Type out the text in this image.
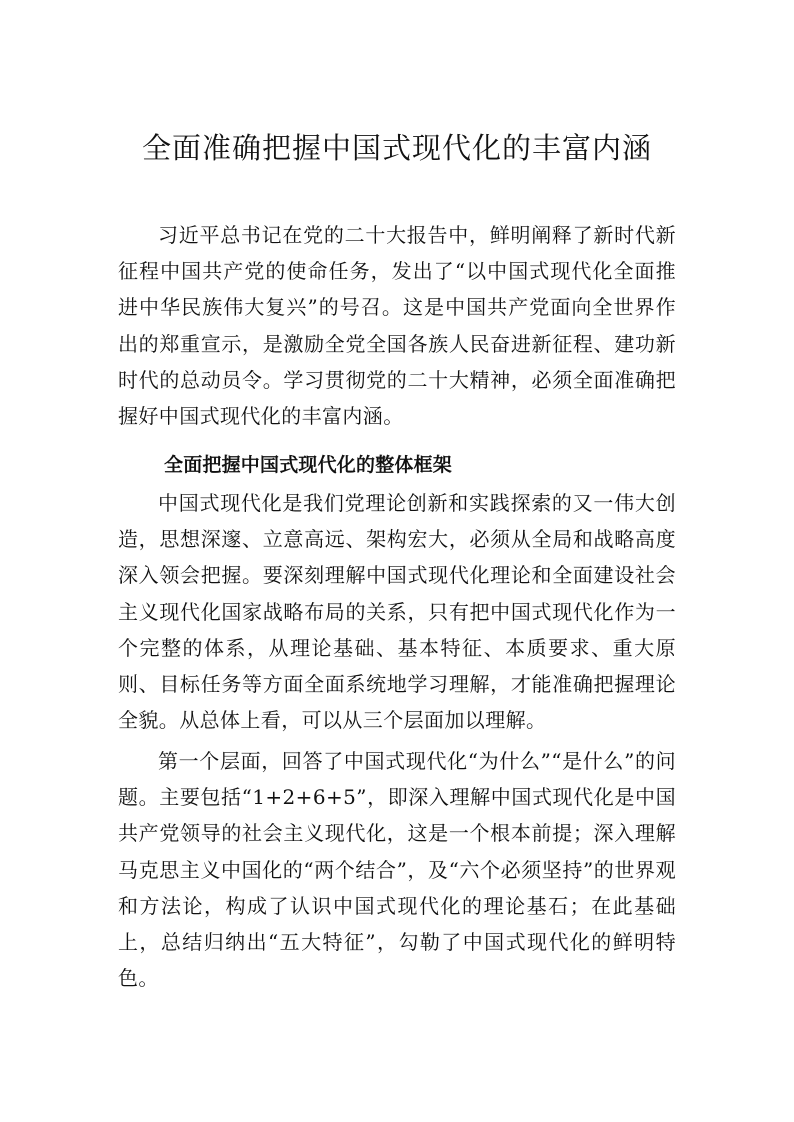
全面准确把握中国式现代化的丰富内涵

习近平总书记在党的二十大报告中，鲜明阐释了新时代新征程中国共产党的使命任务，发出了“以中国式现代化全面推进中华民族伟大复兴”的号召。这是中国共产党面向全世界作出的郑重宣示，是激励全党全国各族人民奋进新征程、建功新时代的总动员令。学习贯彻党的二十大精神，必须全面准确把握好中国式现代化的丰富内涵。

全面把握中国式现代化的整体框架

中国式现代化是我们党理论创新和实践探索的又一伟大创造，思想深邃、立意高远、架构宏大，必须从全局和战略高度深入领会把握。要深刻理解中国式现代化理论和全面建设社会主义现代化国家战略布局的关系，只有把中国式现代化作为一个完整的体系，从理论基础、基本特征、本质要求、重大原则、目标任务等方面全面系统地学习理解，才能准确把握理论全貌。从总体上看，可以从三个层面加以理解。

第一个层面，回答了中国式现代化“为什么”“是什么”的问题。主要包括“1+2+6+5”，即深入理解中国式现代化是中国共产党领导的社会主义现代化，这是一个根本前提；深入理解马克思主义中国化的“两个结合”，及“六个必须坚持”的世界观和方法论，构成了认识中国式现代化的理论基石；在此基础上，总结归纳出“五大特征”，勾勒了中国式现代化的鲜明特色。
